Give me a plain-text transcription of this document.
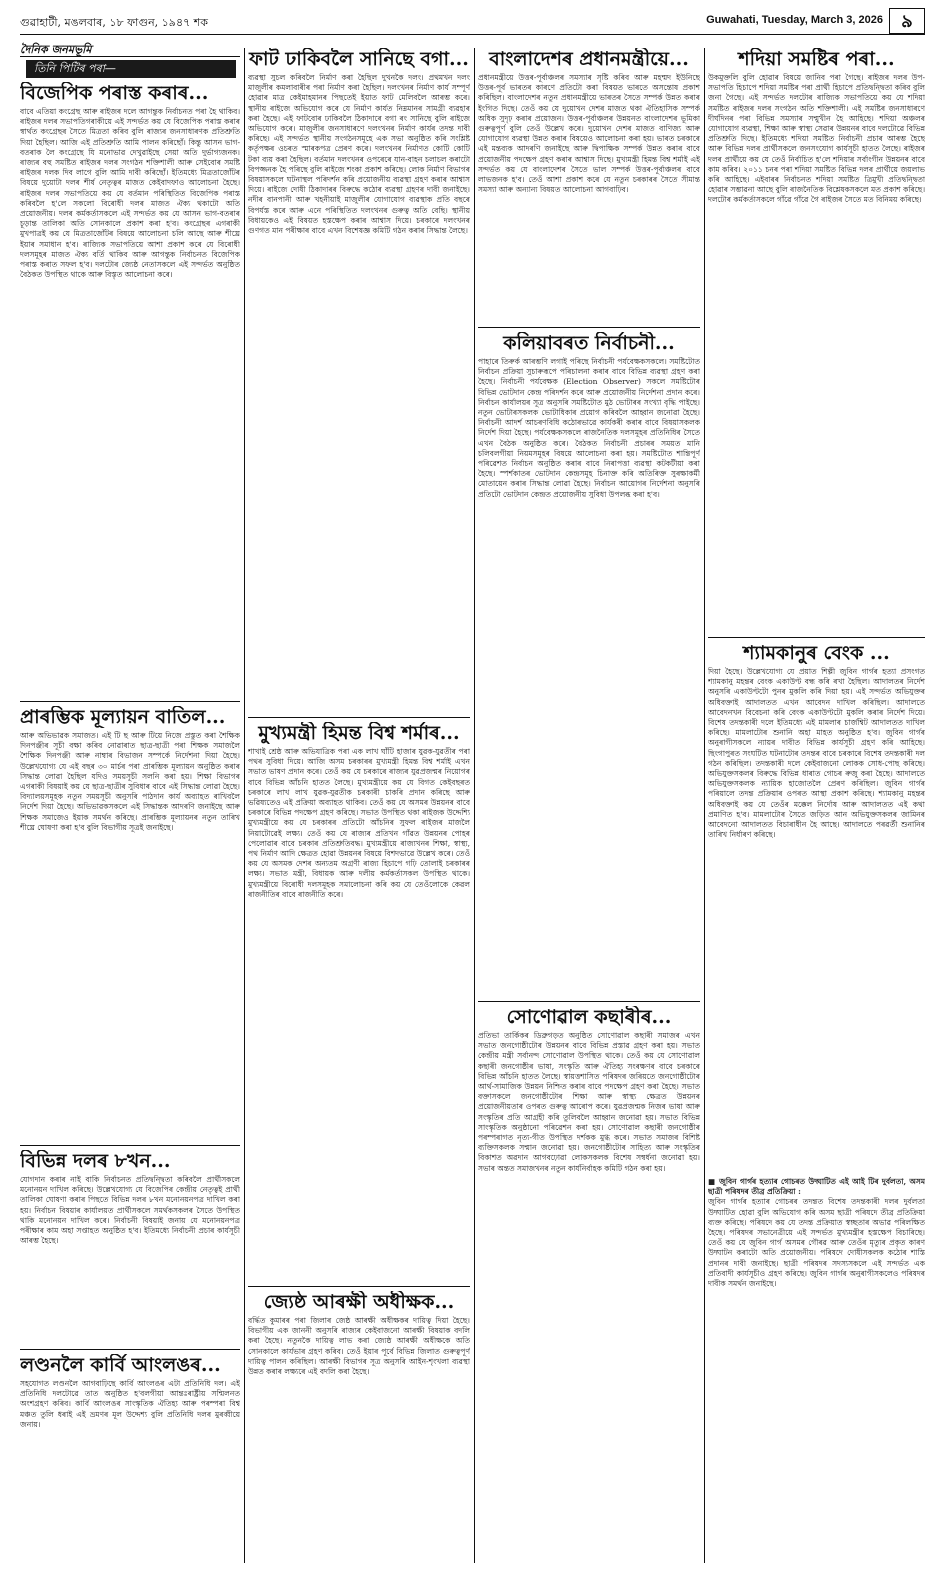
গুৱাহাটী, মঙলবাৰ, ১৮ ফাগুন, ১৯৪৭ শক	Guwahati, Tuesday, March 3, 2026	৯
দৈনিক জনমভূমি
তিনি পিটিৰ পৰা—
বিজেপিক পৰাস্ত কৰাৰ...

বাবে এতিয়া কংগ্ৰেছ আৰু ৰাইজৰ দলে আগন্তুক নিৰ্বাচনত পৰা হৈ থাকিব। ৰাইজৰ দলৰ সভাপতিগৰাকীয়ে এই সন্দৰ্ভত কয় যে বিজেপিক পৰাস্ত কৰাৰ স্বাৰ্থত কংগ্ৰেছৰ সৈতে মিত্ৰতা কৰিব বুলি ৰাজ্যৰ জনসাধাৰণক প্ৰতিশ্ৰুতি দিয়া হৈছিল। আজি এই প্ৰতিশ্ৰুতি আমি পালন কৰিছোঁ। কিন্তু আসন ভাগ-বতৰাক লৈ কংগ্ৰেছে যি মনোভাৱ দেখুৱাইছে সেয়া অতি দুৰ্ভাগ্যজনক। ৰাজ্যৰ বহু সমষ্টিত ৰাইজৰ দলৰ সংগঠন শক্তিশালী আৰু সেইবোৰ সমষ্টি ৰাইজৰ দলক দিব লাগে বুলি আমি দাবী কৰিছোঁ। ইতিমধ্যে মিত্ৰতাজোঁটৰ বিষয়ে দুয়োটা দলৰ শীৰ্ষ নেতৃত্বৰ মাজত কেইবাদফাও আলোচনা হৈছে। ৰাইজৰ দলৰ সভাপতিয়ে কয় যে বৰ্তমান পৰিস্থিতিত বিজেপিক পৰাস্ত কৰিবলৈ হ'লে সকলো বিৰোধী দলৰ মাজত ঐক্য থকাটো অতি প্ৰয়োজনীয়। দলৰ কৰ্মকৰ্তাসকলে এই সন্দৰ্ভত কয় যে আসন ভাগ-বতৰাৰ চূড়ান্ত তালিকা অতি সোনকালে প্ৰকাশ কৰা হ'ব। কংগ্ৰেছৰ এগৰাকী মুখপাত্ৰই কয় যে মিত্ৰতাজোঁটৰ বিষয়ে আলোচনা চলি আছে আৰু শীঘ্ৰে ইয়াৰ সমাধান হ'ব। ৰাজ্যিক সভাপতিয়ে আশা প্ৰকাশ কৰে যে বিৰোধী দলসমূহৰ মাজত ঐক্য বৰ্তি থাকিব আৰু আগন্তুক নিৰ্বাচনত বিজেপিক পৰাস্ত কৰাত সফল হ'ব। দলটোৰ জ্যেষ্ঠ নেতাসকলে এই সন্দৰ্ভত অনুষ্ঠিত বৈঠকত উপস্থিত থাকে আৰু বিস্তৃত আলোচনা কৰে।

প্ৰাৰম্ভিক মূল্যায়ন বাতিল...

আৰু অভিভাৱক সমাজত। এই টি ছ আৰু টিয়ে নিজে প্ৰস্তুত কৰা শৈক্ষিক দিনপঞ্জীৰ সূচী বক্ষা কৰিব নোৱাৰাত ছাত্ৰ-ছাত্ৰী পৰা শিক্ষক সমাজলৈ শৈক্ষিক দিনপঞ্জী আৰু নাম্বাৰ বিভাজন সম্পৰ্কে নিৰ্দেশনা দিয়া হৈছে। উল্লেখযোগ্য যে এই বছৰ ৩০ মাৰ্চৰ পৰা প্ৰাৰম্ভিক মূল্যায়ন অনুষ্ঠিত কৰাৰ সিদ্ধান্ত লোৱা হৈছিল যদিও সময়সূচী সলনি কৰা হয়। শিক্ষা বিভাগৰ এগৰাকী বিষয়াই কয় যে ছাত্ৰ-ছাত্ৰীৰ সুবিধাৰ বাবে এই সিদ্ধান্ত লোৱা হৈছে। বিদ্যালয়সমূহক নতুন সময়সূচী অনুসৰি পাঠদান কাৰ্য অব্যাহত ৰাখিবলৈ নিৰ্দেশ দিয়া হৈছে। অভিভাৱকসকলে এই সিদ্ধান্তক আদৰণি জনাইছে আৰু শিক্ষক সমাজেও ইয়াক সমৰ্থন কৰিছে। প্ৰাৰম্ভিক মূল্যায়নৰ নতুন তাৰিখ শীঘ্ৰে ঘোষণা কৰা হ'ব বুলি বিভাগীয় সূত্ৰই জনাইছে।

বিভিন্ন দলৰ ৮খন...

যোগদান কৰাৰ নাই বাকি নিৰ্বাচনত প্ৰতিদ্বন্দ্বিতা কৰিবলৈ প্ৰাৰ্থীসকলে মনোনয়ন দাখিল কৰিছে। উল্লেখযোগ্য যে বিজেপিৰ কেন্দ্ৰীয় নেতৃত্বই প্ৰাৰ্থী তালিকা ঘোষণা কৰাৰ পিছতে বিভিন্ন দলৰ ৮খন মনোনয়নপত্ৰ দাখিল কৰা হয়। নিৰ্বাচন বিষয়াৰ কাৰ্যালয়ত প্ৰাৰ্থীসকলে সমৰ্থকসকলৰ সৈতে উপস্থিত থাকি মনোনয়ন দাখিল কৰে। নিৰ্বাচনী বিষয়াই জনায় যে মনোনয়নপত্ৰ পৰীক্ষাৰ কাম অহা সপ্তাহত অনুষ্ঠিত হ'ব। ইতিমধ্যে নিৰ্বাচনী প্ৰচাৰ কাৰ্যসূচী আৰম্ভ হৈছে।

লণ্ডনলৈ কাৰ্বি আংলঙৰ...

সহযোগত লণ্ডনলৈ আগবাঢ়িছে কাৰ্বি আংলঙৰ এটা প্ৰতিনিধি দল। এই প্ৰতিনিধি দলটোৱে তাত অনুষ্ঠিত হ'বলগীয়া আন্তঃৰাষ্ট্ৰীয় সন্মিলনত অংশগ্ৰহণ কৰিব। কাৰ্বি আংলঙৰ সাংস্কৃতিক ঐতিহ্য আৰু পৰম্পৰা বিশ্ব মঞ্চত তুলি ধৰাই এই ভ্ৰমণৰ মূল উদ্দেশ্য বুলি প্ৰতিনিধি দলৰ মুৰব্বীয়ে জনায়।

ফাট ঢাকিবলৈ সানিছে বগা...

ব্যৱস্থা সুচল কৰিবলৈ নিৰ্মাণ কৰা হৈছিল দুখনকৈ দলং। প্ৰথমখন দলং মাজুলীৰ কমলাবাৰীৰ পৰা নিৰ্মাণ কৰা হৈছিল। দলংখনৰ নিৰ্মাণ কাৰ্য সম্পূৰ্ণ হোৱাৰ মাত্ৰ কেইমাহমানৰ পিছতেই ইয়াত ফাট মেলিবলৈ আৰম্ভ কৰে। স্থানীয় ৰাইজে অভিযোগ কৰে যে নিৰ্মাণ কাৰ্যত নিম্নমানৰ সামগ্ৰী ব্যৱহাৰ কৰা হৈছে। এই ফাটবোৰ ঢাকিবলৈ ঠিকাদাৰে বগা ৰং সানিছে বুলি ৰাইজে অভিযোগ কৰে। মাজুলীৰ জনসাধাৰণে দলংখনৰ নিৰ্মাণ কাৰ্যৰ তদন্ত দাবী কৰিছে। এই সন্দৰ্ভত স্থানীয় সংগঠনসমূহে এক সভা অনুষ্ঠিত কৰি সংশ্লিষ্ট কৰ্তৃপক্ষৰ ওচৰত স্মাৰকপত্ৰ প্ৰেৰণ কৰে। দলংখনৰ নিৰ্মাণত কোটি কোটি টকা ব্যয় কৰা হৈছিল। বৰ্তমান দলংখনৰ ওপৰেৰে যান-বাহন চলাচল কৰাটো বিপজ্জনক হৈ পৰিছে বুলি ৰাইজে শংকা প্ৰকাশ কৰিছে। লোক নিৰ্মাণ বিভাগৰ বিষয়াসকলে ঘটনাস্থল পৰিদৰ্শন কৰি প্ৰয়োজনীয় ব্যৱস্থা গ্ৰহণ কৰাৰ আশ্বাস দিয়ে। ৰাইজে দোষী ঠিকাদাৰৰ বিৰুদ্ধে কঠোৰ ব্যৱস্থা গ্ৰহণৰ দাবী জনাইছে। নদীৰ বানপানী আৰু খহনীয়াই মাজুলীৰ যোগাযোগ ব্যৱস্থাক প্ৰতি বছৰে বিপৰ্যস্ত কৰে আৰু এনে পৰিস্থিতিত দলংখনৰ গুৰুত্ব অতি বেছি। স্থানীয় বিধায়কেও এই বিষয়ত হস্তক্ষেপ কৰাৰ আশ্বাস দিয়ে। চৰকাৰে দলংখনৰ গুণগত মান পৰীক্ষাৰ বাবে এখন বিশেষজ্ঞ কমিটি গঠন কৰাৰ সিদ্ধান্ত লৈছে।

মুখ্যমন্ত্ৰী হিমন্ত বিশ্ব শৰ্মাৰ...

শাখাই শ্ৰেষ্ঠ আৰু অভিযাত্ৰিক পৰা এক লাখ ঘাঁটি হাজাৰ যুৱক-যুৱতীৰ পৰা পথৰ সুবিধা দিয়ে। আজি অসম চৰকাৰৰ মুখ্যমন্ত্ৰী হিমন্ত বিশ্ব শৰ্মাই এখন সভাত ভাষণ প্ৰদান কৰে। তেওঁ কয় যে চৰকাৰে ৰাজ্যৰ যুৱপ্ৰজন্মৰ নিয়োগৰ বাবে বিভিন্ন আঁচনি হাতত লৈছে। মুখ্যমন্ত্ৰীয়ে কয় যে বিগত কেইবছৰত চৰকাৰে লাখ লাখ যুৱক-যুৱতীক চৰকাৰী চাকৰি প্ৰদান কৰিছে আৰু ভৱিষ্যতেও এই প্ৰক্ৰিয়া অব্যাহত থাকিব। তেওঁ কয় যে অসমৰ উন্নয়নৰ বাবে চৰকাৰে বিভিন্ন পদক্ষেপ গ্ৰহণ কৰিছে। সভাত উপস্থিত থকা ৰাইজক উদ্দেশ্যি মুখ্যমন্ত্ৰীয়ে কয় যে চৰকাৰৰ প্ৰতিটো আঁচনিৰ সুফল ৰাইজৰ মাজলৈ নিয়াটোৱেই লক্ষ্য। তেওঁ কয় যে ৰাজ্যৰ প্ৰতিখন গাঁৱত উন্নয়নৰ পোহৰ পেলোৱাৰ বাবে চৰকাৰ প্ৰতিশ্ৰুতিবদ্ধ। মুখ্যমন্ত্ৰীয়ে ৰাজ্যখনৰ শিক্ষা, স্বাস্থ্য, পথ নিৰ্মাণ আদি ক্ষেত্ৰত হোৱা উন্নয়নৰ বিষয়ে বিশদভাৱে উল্লেখ কৰে। তেওঁ কয় যে অসমক দেশৰ অন্যতম অগ্ৰণী ৰাজ্য হিচাপে গঢ়ি তোলাই চৰকাৰৰ লক্ষ্য। সভাত মন্ত্ৰী, বিধায়ক আৰু দলীয় কৰ্মকৰ্তাসকল উপস্থিত থাকে। মুখ্যমন্ত্ৰীয়ে বিৰোধী দলসমূহক সমালোচনা কৰি কয় যে তেওঁলোকে কেৱল ৰাজনীতিৰ বাবে ৰাজনীতি কৰে।

জ্যেষ্ঠ আৰক্ষী অধীক্ষক...

বৰ্দ্ধিত কুমাৰৰ পৰা জিলাৰ জেষ্ঠ আৰক্ষী অধীক্ষকৰ দায়িত্ব দিয়া হৈছে। বিভাগীয় এক জাননী অনুসৰি ৰাজ্যৰ কেইবাজনো আৰক্ষী বিষয়াক বদলি কৰা হৈছে। নতুনকৈ দায়িত্ব লাভ কৰা জ্যেষ্ঠ আৰক্ষী অধীক্ষকে অতি সোনকালে কাৰ্যভাৰ গ্ৰহণ কৰিব। তেওঁ ইয়াৰ পূৰ্বে বিভিন্ন জিলাত গুৰুত্বপূৰ্ণ দায়িত্ব পালন কৰিছিল। আৰক্ষী বিভাগৰ সূত্ৰ অনুসৰি আইন-শৃংখলা ব্যৱস্থা উন্নত কৰাৰ লক্ষ্যৰে এই বদলি কৰা হৈছে।

বাংলাদেশৰ প্ৰধানমন্ত্ৰীয়ে...

প্ৰধানমন্ত্ৰীয়ে উত্তৰ-পূৰ্বাঞ্চলৰ সমস্যাৰ সৃষ্টি কৰিব আৰু মহম্মদ ইউনিছে উত্তৰ-পূৰ্ব ভাৰতৰ কাৰণে প্ৰতিটো কৰা বিষয়ত ভাৰতে অসন্তোষ প্ৰকাশ কৰিছিল। বাংলাদেশৰ নতুন প্ৰধানমন্ত্ৰীয়ে ভাৰতৰ সৈতে সম্পৰ্ক উন্নত কৰাৰ ইংগিত দিছে। তেওঁ কয় যে দুয়োখন দেশৰ মাজত থকা ঐতিহাসিক সম্পৰ্ক অধিক সুদৃঢ় কৰাৰ প্ৰয়োজন। উত্তৰ-পূৰ্বাঞ্চলৰ উন্নয়নত বাংলাদেশৰ ভূমিকা গুৰুত্বপূৰ্ণ বুলি তেওঁ উল্লেখ কৰে। দুয়োখন দেশৰ মাজত বাণিজ্য আৰু যোগাযোগ ব্যৱস্থা উন্নত কৰাৰ বিষয়েও আলোচনা কৰা হয়। ভাৰত চৰকাৰে এই মন্তব্যক আদৰণি জনাইছে আৰু দ্বিপাক্ষিক সম্পৰ্ক উন্নত কৰাৰ বাবে প্ৰয়োজনীয় পদক্ষেপ গ্ৰহণ কৰাৰ আশ্বাস দিছে। মুখ্যমন্ত্ৰী হিমন্ত বিশ্ব শৰ্মাই এই সন্দৰ্ভত কয় যে বাংলাদেশৰ সৈতে ভাল সম্পৰ্ক উত্তৰ-পূৰ্বাঞ্চলৰ বাবে লাভজনক হ'ব। তেওঁ আশা প্ৰকাশ কৰে যে নতুন চৰকাৰৰ সৈতে সীমান্ত সমস্যা আৰু অন্যান্য বিষয়ত আলোচনা আগবাঢ়িব।

কলিয়াবৰত নিৰ্বাচনী...

পাহাৰে তিৰুৰ্ক আৰম্ভণি লগাই পৰিছে নিৰ্বাচনী পৰ্যবেক্ষকসকলে। সমষ্টিটোত নিৰ্বাচন প্ৰক্ৰিয়া সুচাৰুৰূপে পৰিচালনা কৰাৰ বাবে বিভিন্ন ব্যৱস্থা গ্ৰহণ কৰা হৈছে। নিৰ্বাচনী পৰ্যবেক্ষক (Election Observer) সকলে সমষ্টিটোৰ বিভিন্ন ভোটদান কেন্দ্ৰ পৰিদৰ্শন কৰে আৰু প্ৰয়োজনীয় নিৰ্দেশনা প্ৰদান কৰে। নিৰ্বাচন কাৰ্যালয়ৰ সূত্ৰ অনুসৰি সমষ্টিটোত মুঠ ভোটাৰৰ সংখ্যা বৃদ্ধি পাইছে। নতুন ভোটাৰসকলক ভোটাধিকাৰ প্ৰয়োগ কৰিবলৈ আহ্বান জনোৱা হৈছে। নিৰ্বাচনী আদৰ্শ আচৰণবিধি কঠোৰভাৱে কাৰ্যকৰী কৰাৰ বাবে বিষয়াসকলক নিৰ্দেশ দিয়া হৈছে। পৰ্যবেক্ষকসকলে ৰাজনৈতিক দলসমূহৰ প্ৰতিনিধিৰ সৈতে এখন বৈঠক অনুষ্ঠিত কৰে। বৈঠকত নিৰ্বাচনী প্ৰচাৰৰ সময়ত মানি চলিবলগীয়া নিয়মসমূহৰ বিষয়ে আলোচনা কৰা হয়। সমষ্টিটোত শান্তিপূৰ্ণ পৰিৱেশত নিৰ্বাচন অনুষ্ঠিত কৰাৰ বাবে নিৰাপত্তা ব্যৱস্থা কটকটীয়া কৰা হৈছে। স্পৰ্শকাতৰ ভোটদান কেন্দ্ৰসমূহ চিনাক্ত কৰি অতিৰিক্ত সুৰক্ষাকৰ্মী মোতায়েন কৰাৰ সিদ্ধান্ত লোৱা হৈছে। নিৰ্বাচন আয়োগৰ নিৰ্দেশনা অনুসৰি প্ৰতিটো ভোটদান কেন্দ্ৰত প্ৰয়োজনীয় সুবিধা উপলব্ধ কৰা হ'ব।

সোণোৱাল কছাৰীৰ...

প্ৰতিভা তাৰ্কিকৰ ডিব্ৰুগড়ত অনুষ্ঠিত সোণোৱাল কছাৰী সমাজৰ এখন সভাত জনগোষ্ঠীটোৰ উন্নয়নৰ বাবে বিভিন্ন প্ৰস্তাৱ গ্ৰহণ কৰা হয়। সভাত কেন্দ্ৰীয় মন্ত্ৰী সৰ্বানন্দ সোণোৱাল উপস্থিত থাকে। তেওঁ কয় যে সোণোৱাল কছাৰী জনগোষ্ঠীৰ ভাষা, সংস্কৃতি আৰু ঐতিহ্য সংৰক্ষণৰ বাবে চৰকাৰে বিভিন্ন আঁচনি হাতত লৈছে। স্বায়ত্তশাসিত পৰিষদৰ জৰিয়তে জনগোষ্ঠীটোৰ আৰ্থ-সামাজিক উন্নয়ন নিশ্চিত কৰাৰ বাবে পদক্ষেপ গ্ৰহণ কৰা হৈছে। সভাত বক্তাসকলে জনগোষ্ঠীটোৰ শিক্ষা আৰু স্বাস্থ্য ক্ষেত্ৰত উন্নয়নৰ প্ৰয়োজনীয়তাৰ ওপৰত গুৰুত্ব আৰোপ কৰে। যুৱপ্ৰজন্মক নিজৰ ভাষা আৰু সংস্কৃতিৰ প্ৰতি আগ্ৰহী কৰি তুলিবলৈ আহ্বান জনোৱা হয়। সভাত বিভিন্ন সাংস্কৃতিক অনুষ্ঠানো পৰিৱেশন কৰা হয়। সোণোৱাল কছাৰী জনগোষ্ঠীৰ পৰম্পৰাগত নৃত্য-গীত উপস্থিত দৰ্শকক মুগ্ধ কৰে। সভাত সমাজৰ বিশিষ্ট ব্যক্তিসকলক সন্মান জনোৱা হয়। জনগোষ্ঠীটোৰ সাহিত্য আৰু সংস্কৃতিৰ বিকাশত অৱদান আগবঢ়োৱা লোকসকলক বিশেষ সম্বৰ্ধনা জনোৱা হয়। সভাৰ অন্তত সমাজখনৰ নতুন কাৰ্যনিৰ্বাহক কমিটি গঠন কৰা হয়।

শদিয়া সমষ্টিৰ পৰা...

উকমুক্তলি বুলি হোৱাৰ বিষয়ে জানিব পৰা গৈছে। ৰাইজৰ দলৰ উপ-সভাপতি হিচাপে শদিয়া সমষ্টিৰ পৰা প্ৰাৰ্থী হিচাপে প্ৰতিদ্বন্দ্বিতা কৰিব বুলি জনা গৈছে। এই সন্দৰ্ভত দলটোৰ ৰাজ্যিক সভাপতিয়ে কয় যে শদিয়া সমষ্টিত ৰাইজৰ দলৰ সংগঠন অতি শক্তিশালী। এই সমষ্টিৰ জনসাধাৰণে দীৰ্ঘদিনৰ পৰা বিভিন্ন সমস্যাৰ সন্মুখীন হৈ আহিছে। শদিয়া অঞ্চলৰ যোগাযোগ ব্যৱস্থা, শিক্ষা আৰু স্বাস্থ্য সেৱাৰ উন্নয়নৰ বাবে দলটোৱে বিভিন্ন প্ৰতিশ্ৰুতি দিছে। ইতিমধ্যে শদিয়া সমষ্টিত নিৰ্বাচনী প্ৰচাৰ আৰম্ভ হৈছে আৰু বিভিন্ন দলৰ প্ৰাৰ্থীসকলে জনসংযোগ কাৰ্যসূচী হাতত লৈছে। ৰাইজৰ দলৰ প্ৰাৰ্থীয়ে কয় যে তেওঁ নিৰ্বাচিত হ'লে শদিয়াৰ সৰ্বাংগীন উন্নয়নৰ বাবে কাম কৰিব। ২০১১ চনৰ পৰা শদিয়া সমষ্টিত বিভিন্ন দলৰ প্ৰাৰ্থীয়ে জয়লাভ কৰি আহিছে। এইবাৰৰ নিৰ্বাচনত শদিয়া সমষ্টিত ত্ৰিমুখী প্ৰতিদ্বন্দ্বিতা হোৱাৰ সম্ভাৱনা আছে বুলি ৰাজনৈতিক বিশ্লেষকসকলে মত প্ৰকাশ কৰিছে। দলটোৰ কৰ্মকৰ্তাসকলে গাঁৱে গাঁৱে গৈ ৰাইজৰ সৈতে মত বিনিময় কৰিছে।

শ্যামকানুৰ বেংক ...

দিয়া হৈছে। উল্লেখযোগ্য যে প্ৰয়াত শিল্পী জুবিন গাৰ্গৰ হত্যা প্ৰসংগত শ্যামকানু মহন্তৰ বেংক একাউণ্ট বন্ধ কৰি ৰখা হৈছিল। আদালতৰ নিৰ্দেশ অনুসৰি একাউণ্টটো পুনৰ মুকলি কৰি দিয়া হয়। এই সন্দৰ্ভত অভিযুক্তৰ অধিবক্তাই আদালতত এখন আবেদন দাখিল কৰিছিল। আদালতে আবেদনখন বিবেচনা কৰি বেংক একাউণ্টটো মুকলি কৰাৰ নিৰ্দেশ দিয়ে। বিশেষ তদন্তকাৰী দলে ইতিমধ্যে এই মামলাৰ চাৰ্জশ্বিট আদালতত দাখিল কৰিছে। মামলাটোৰ শুনানি অহা মাহত অনুষ্ঠিত হ'ব। জুবিন গাৰ্গৰ অনুৰাগীসকলে ন্যায়ৰ দাবীত বিভিন্ন কাৰ্যসূচী গ্ৰহণ কৰি আহিছে। ছিংগাপুৰত সংঘটিত ঘটনাটোৰ তদন্তৰ বাবে চৰকাৰে বিশেষ তদন্তকাৰী দল গঠন কৰিছিল। তদন্তকাৰী দলে কেইবাজনো লোকক সোধ-পোছ কৰিছে। অভিযুক্তসকলৰ বিৰুদ্ধে বিভিন্ন ধাৰাত গোচৰ ৰুজু কৰা হৈছে। আদালতে অভিযুক্তসকলক ন্যায়িক হাজোতলৈ প্ৰেৰণ কৰিছিল। জুবিন গাৰ্গৰ পৰিয়ালে তদন্ত প্ৰক্ৰিয়াৰ ওপৰত আস্থা প্ৰকাশ কৰিছে। শ্যামকানু মহন্তৰ অধিবক্তাই কয় যে তেওঁৰ মক্কেল নিৰ্দোষ আৰু আদালতত এই কথা প্ৰমাণিত হ'ব। মামলাটোৰ সৈতে জড়িত আন অভিযুক্তসকলৰ জামিনৰ আবেদনো আদালতত বিচাৰাধীন হৈ আছে। আদালতে পৰৱৰ্তী শুনানিৰ তাৰিখ নিৰ্ধাৰণ কৰিছে।

■ জুবিন গাৰ্গৰ হত্যাৰ গোচৰত উদ্ঘাটিত এই আই টিৰ দুৰ্বলতা, অসম ছাত্ৰী পৰিষদৰ তীব্ৰ প্ৰতিক্ৰিয়া :

জুবিন গাৰ্গৰ হত্যাৰ গোচৰৰ তদন্তত বিশেষ তদন্তকাৰী দলৰ দুৰ্বলতা উদ্ঘাটিত হোৱা বুলি অভিযোগ কৰি অসম ছাত্ৰী পৰিষদে তীব্ৰ প্ৰতিক্ৰিয়া ব্যক্ত কৰিছে। পৰিষদে কয় যে তদন্ত প্ৰক্ৰিয়াত স্বচ্ছতাৰ অভাৱ পৰিলক্ষিত হৈছে। পৰিষদৰ সভানেত্ৰীয়ে এই সন্দৰ্ভত মুখ্যমন্ত্ৰীৰ হস্তক্ষেপ বিচাৰিছে। তেওঁ কয় যে জুবিন গাৰ্গ অসমৰ গৌৰৱ আৰু তেওঁৰ মৃত্যুৰ প্ৰকৃত কাৰণ উদ্ঘাটন কৰাটো অতি প্ৰয়োজনীয়। পৰিষদে দোষীসকলক কঠোৰ শাস্তি প্ৰদানৰ দাবী জনাইছে। ছাত্ৰী পৰিষদৰ সদস্যসকলে এই সন্দৰ্ভত এক প্ৰতিবাদী কাৰ্যসূচীও গ্ৰহণ কৰিছে। জুবিন গাৰ্গৰ অনুৰাগীসকলেও পৰিষদৰ দাবীক সমৰ্থন জনাইছে।
